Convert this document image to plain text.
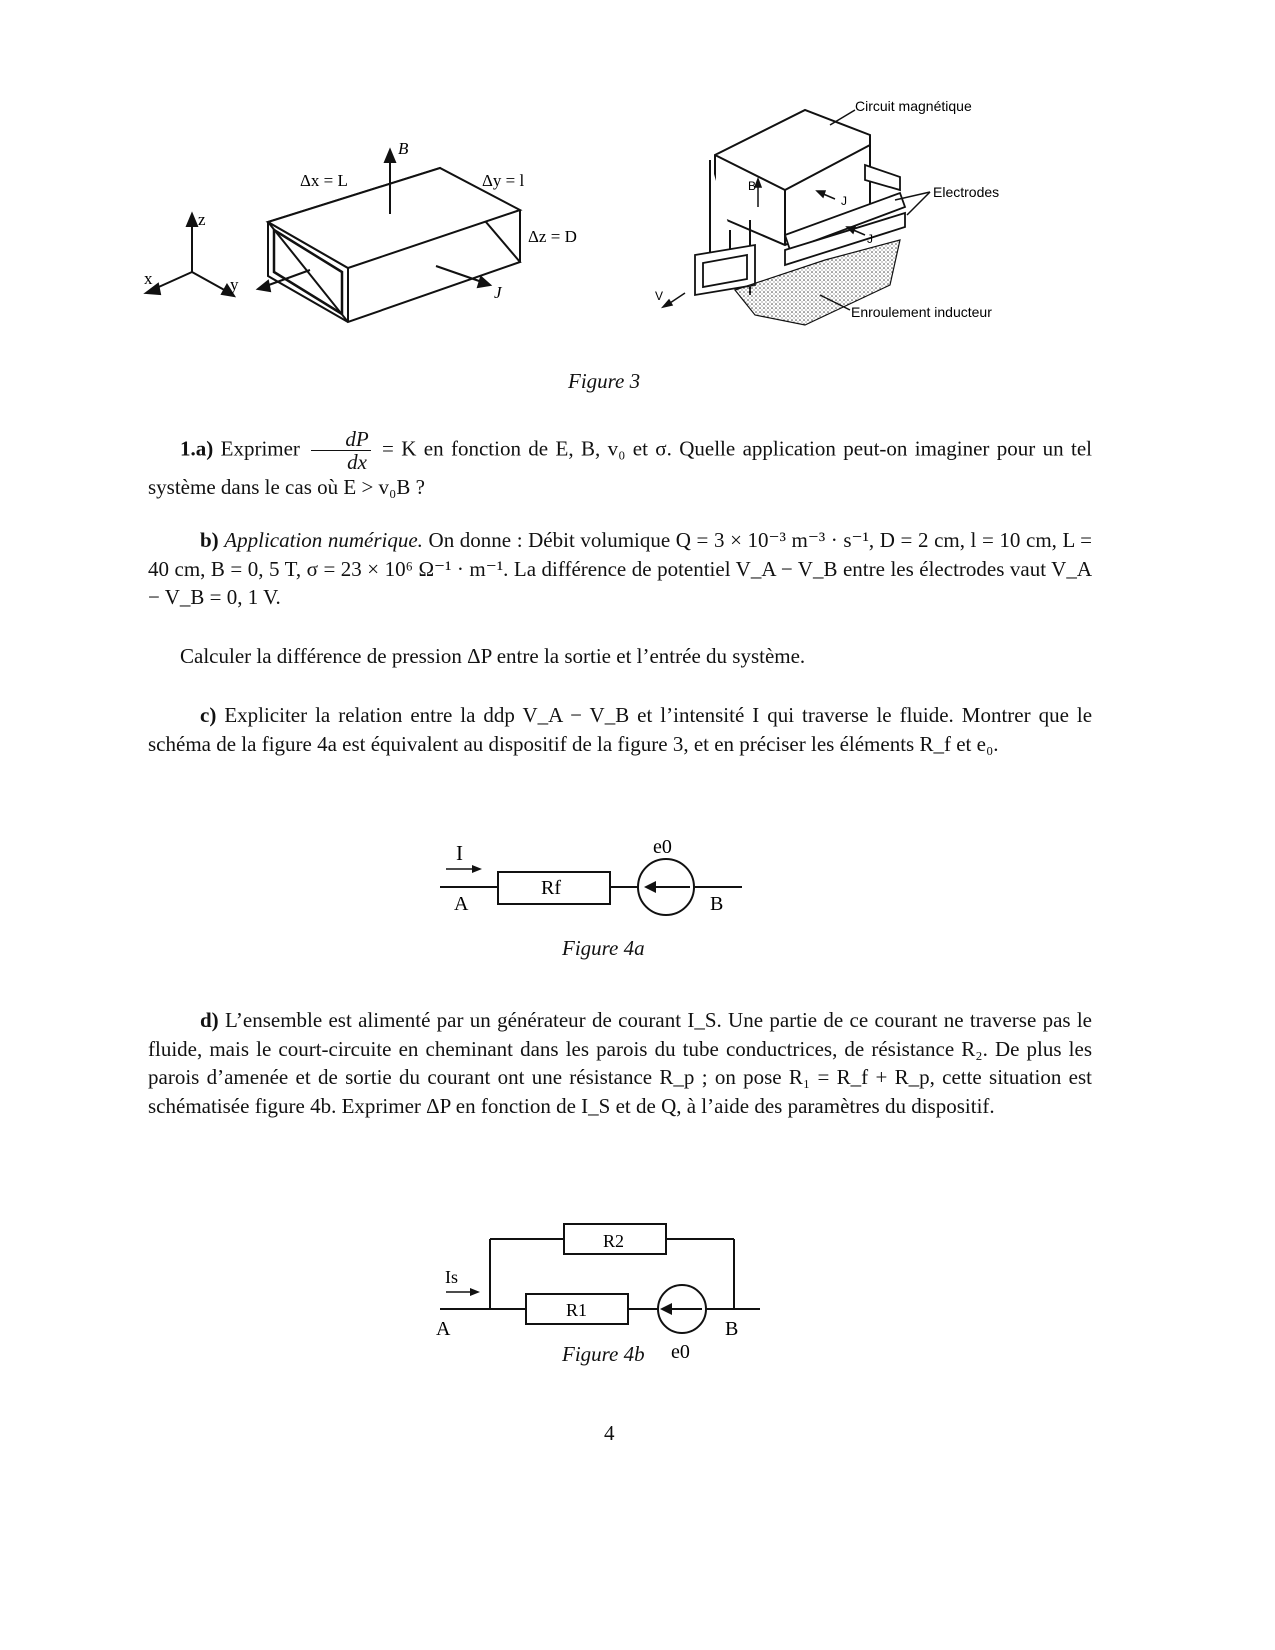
z
x	y
B
J
Δx = L	Δy = l
Δz = D
B
J
J
V
Circuit magnétique
Electrodes
Enroulement inducteur
Figure 3
1.a) Exprimer $\frac{dP}{dx} = K$ en fonction de E, B, v₀ et σ. Quelle application peut-on imaginer pour un tel système dans le cas où E > v₀B ?
b) Application numérique. On donne : Débit volumique Q = 3 × 10⁻³ m⁻³ · s⁻¹, D = 2 cm, l = 10 cm, L = 40 cm, B = 0, 5 T, σ = 23 × 10⁶ Ω⁻¹ · m⁻¹. La différence de potentiel V_A − V_B entre les électrodes vaut V_A − V_B = 0, 1 V.
Calculer la différence de pression ΔP entre la sortie et l’entrée du système.
c) Expliciter la relation entre la ddp V_A − V_B et l’intensité I qui traverse le fluide. Montrer que le schéma de la figure 4a est équivalent au dispositif de la figure 3, et en préciser les éléments R_f et e₀.
I
A	B
Rf
e0
Figure 4a
d) L’ensemble est alimenté par un générateur de courant I_S. Une partie de ce courant ne traverse pas le fluide, mais le court-circuite en cheminant dans les parois du tube conductrices, de résistance R₂. De plus les parois d’amenée et de sortie du courant ont une résistance R_p ; on pose R₁ = R_f + R_p, cette situation est schématisée figure 4b. Exprimer ΔP en fonction de I_S et de Q, à l’aide des paramètres du dispositif.
Is
A	B
R2
R1
e0
Figure 4b
4
